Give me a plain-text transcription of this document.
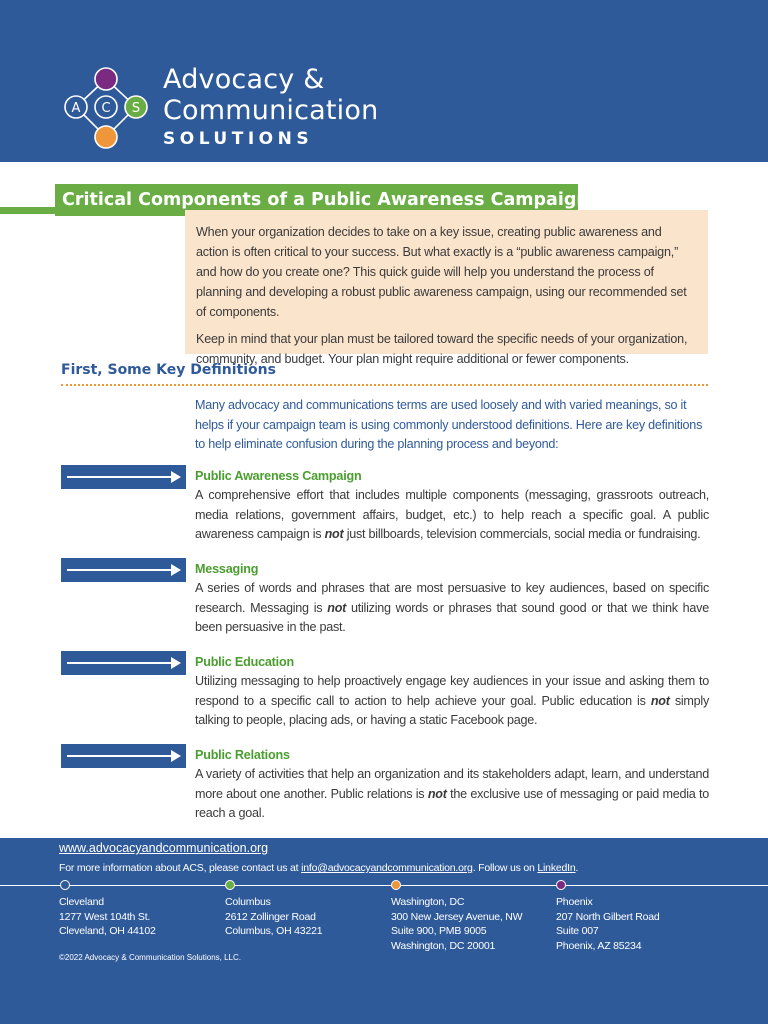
A C S
Advocacy &
Communication
SOLUTIONS
Critical Components of a Public Awareness Campaign

When your organization decides to take on a key issue, creating public awareness and action is often critical to your success. But what exactly is a “public awareness campaign,” and how do you create one? This quick guide will help you understand the process of planning and developing a robust public awareness campaign, using our recommended set of components.

Keep in mind that your plan must be tailored toward the specific needs of your organization, community, and budget. Your plan might require additional or fewer components.

First, Some Key Definitions
Many advocacy and communications terms are used loosely and with varied meanings, so it helps if your campaign team is using commonly understood definitions. Here are key definitions to help eliminate confusion during the planning process and beyond:
Public Awareness Campaign
A comprehensive effort that includes multiple components (messaging, grassroots outreach, media relations, government affairs, budget, etc.) to help reach a specific goal. A public awareness campaign is not just billboards, television commercials, social media or fundraising.
Messaging
A series of words and phrases that are most persuasive to key audiences, based on specific research. Messaging is not utilizing words or phrases that sound good or that we think have been persuasive in the past.
Public Education
Utilizing messaging to help proactively engage key audiences in your issue and asking them to respond to a specific call to action to help achieve your goal. Public education is not simply talking to people, placing ads, or having a static Facebook page.
Public Relations
A variety of activities that help an organization and its stakeholders adapt, learn, and understand more about one another. Public relations is not the exclusive use of messaging or paid media to reach a goal.
www.advocacyandcommunication.org
For more information about ACS, please contact us at info@advocacyandcommunication.org. Follow us on LinkedIn.
Cleveland
1277 West 104th St.
Cleveland, OH 44102
Columbus
2612 Zollinger Road
Columbus, OH 43221
Washington, DC
300 New Jersey Avenue, NW
Suite 900, PMB 9005
Washington, DC 20001
Phoenix
207 North Gilbert Road
Suite 007
Phoenix, AZ 85234
©2022 Advocacy & Communication Solutions, LLC.
